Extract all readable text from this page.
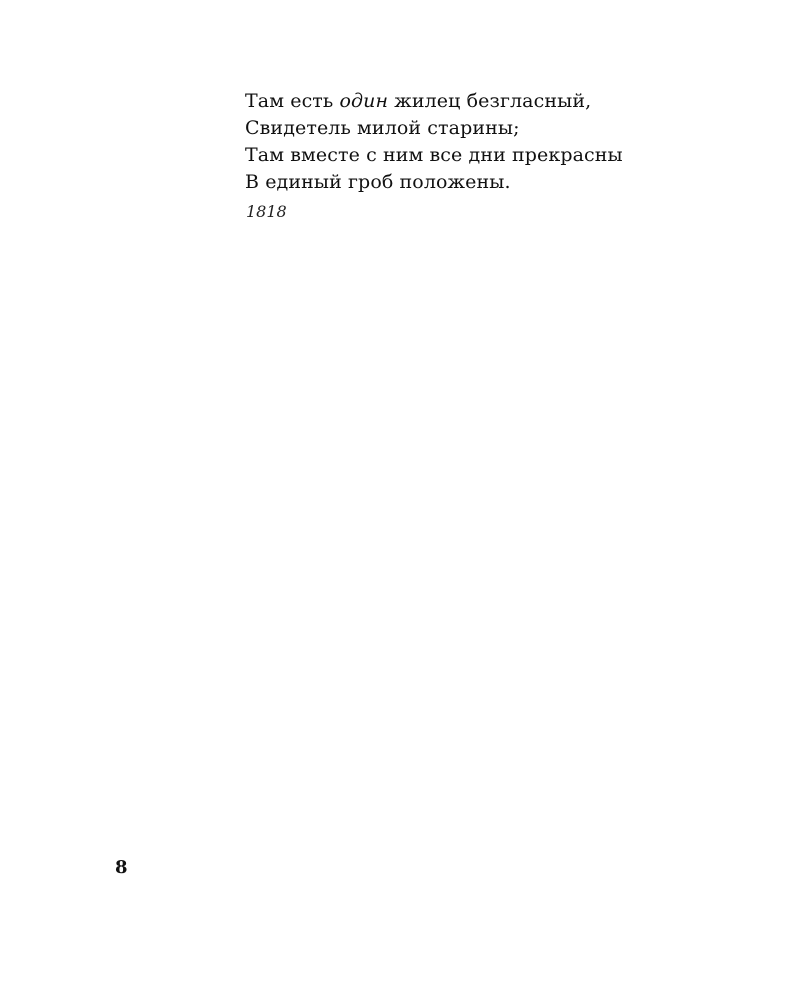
Там есть один жилец безгласный,
Свидетель милой старины;
Там вместе с ним все дни прекрасны
В единый гроб положены.
1818
8
